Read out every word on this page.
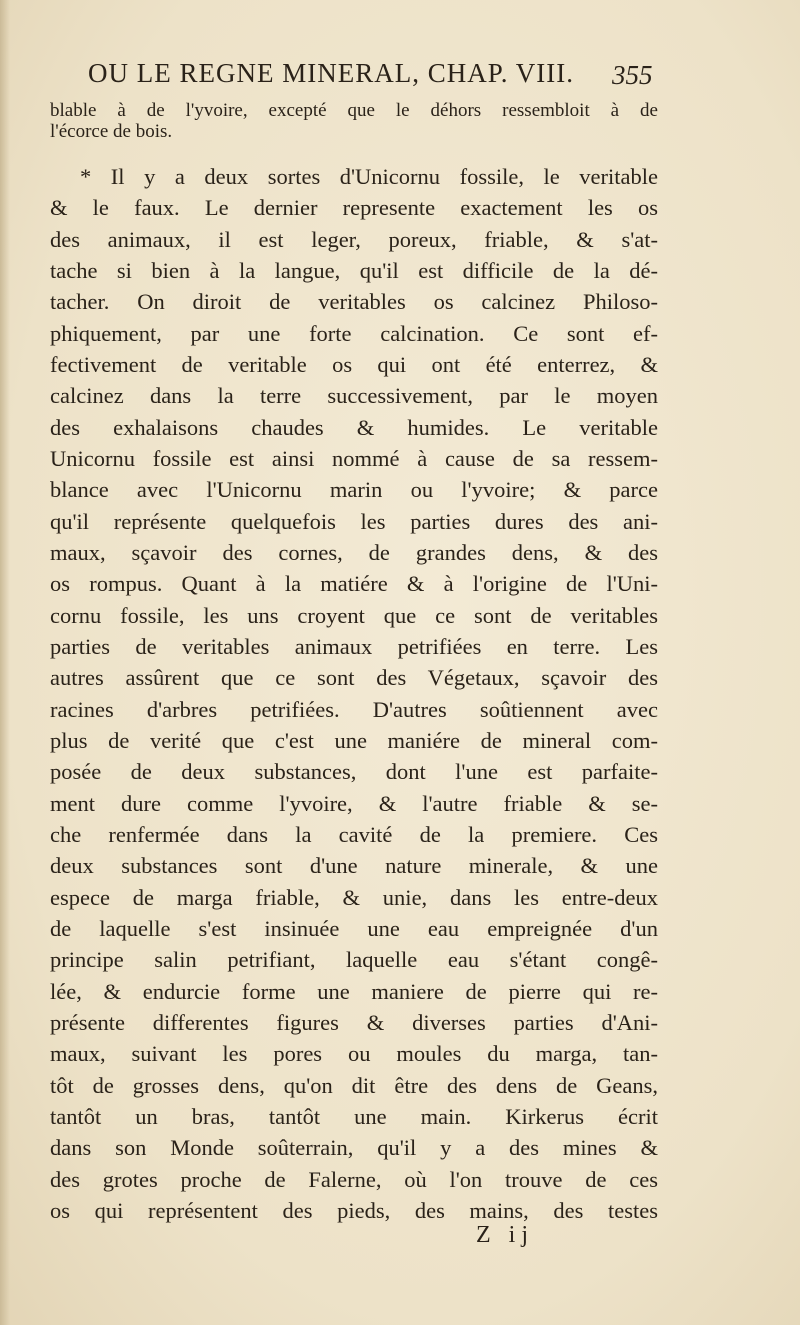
OU LE REGNE MINERAL, CHAP. VIII.	355
blable à de l'yvoire, excepté que le déhors ressembloit à de
l'écorce de bois.
* Il y a deux sortes d'Unicornu fossile, le veritable
& le faux. Le dernier represente exactement les os
des animaux, il est leger, poreux, friable, & s'at-
tache si bien à la langue, qu'il est difficile de la dé-
tacher. On diroit de veritables os calcinez Philoso-
phiquement, par une forte calcination. Ce sont ef-
fectivement de veritable os qui ont été enterrez, &
calcinez dans la terre successivement, par le moyen
des exhalaisons chaudes & humides. Le veritable
Unicornu fossile est ainsi nommé à cause de sa ressem-
blance avec l'Unicornu marin ou l'yvoire; & parce
qu'il représente quelquefois les parties dures des ani-
maux, sçavoir des cornes, de grandes dens, & des
os rompus. Quant à la matiére & à l'origine de l'Uni-
cornu fossile, les uns croyent que ce sont de veritables
parties de veritables animaux petrifiées en terre. Les
autres assûrent que ce sont des Végetaux, sçavoir des
racines d'arbres petrifiées. D'autres soûtiennent avec
plus de verité que c'est une maniére de mineral com-
posée de deux substances, dont l'une est parfaite-
ment dure comme l'yvoire, & l'autre friable & se-
che renfermée dans la cavité de la premiere. Ces
deux substances sont d'une nature minerale, & une
espece de marga friable, & unie, dans les entre-deux
de laquelle s'est insinuée une eau empreignée d'un
principe salin petrifiant, laquelle eau s'étant congê-
lée, & endurcie forme une maniere de pierre qui re-
présente differentes figures & diverses parties d'Ani-
maux, suivant les pores ou moules du marga, tan-
tôt de grosses dens, qu'on dit être des dens de Geans,
tantôt un bras, tantôt une main. Kirkerus écrit
dans son Monde soûterrain, qu'il y a des mines &
des grotes proche de Falerne, où l'on trouve de ces
os qui représentent des pieds, des mains, des testes
Z ij
